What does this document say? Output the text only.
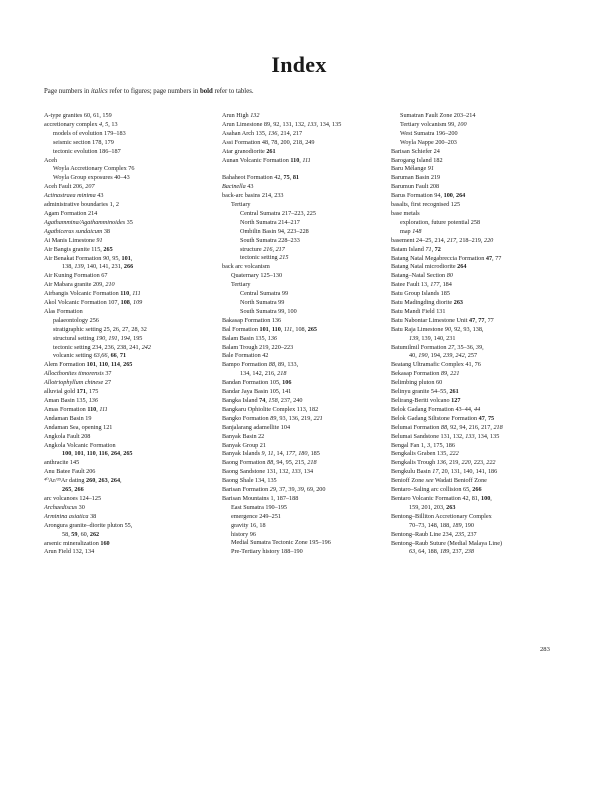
Index

Page numbers in italics refer to figures; page numbers in bold refer to tables.

A-type granites 60, 61, 159
accretionary complex 4, 5, 13
models of evolution 179–183
seismic section 178, 179
tectonic evolution 186–187
Aceh
Woyla Accretionary Complex 76
Woyla Group exposures 40–43
Aceh Fault 206, 207
Actinastraea minima 43
administrative boundaries 1, 2
Agam Formation 214
Agathammina/Agathamminoides 35
Agathiceras sundaicum 38
Ai Manis Limestone 91
Air Bangis granite 115, 265
Air Benakat Formation 90, 95, 101,
138, 139, 140, 141, 231, 266
Air Kuning Formation 67
Air Mabara granite 209, 210
Airbangis Volcanic Formation 110, 111
Akol Volcanic Formation 107, 108, 109
Alas Formation
palaeontology 256
stratigraphic setting 25, 26, 27, 28, 32
structural setting 190, 191, 194, 195
tectonic setting 234, 236, 238, 241, 242
volcanic setting 63,66, 66, 71
Alem Formation 101, 110, 114, 265
Allocthonites timorensis 37
Allotriophyllum chinese 27
alluvial gold 171, 175
Aman Basin 135, 136
Amas Formation 110, 111
Andaman Basin 19
Andaman Sea, opening 121
Angkola Fault 208
Angkola Volcanic Formation
100, 101, 110, 116, 264, 265
anthracite 145
Anu Batee Fault 206
⁴⁰Ar/³⁹Ar dating 260, 263, 264,
265, 266
arc volcanoes 124–125
Archaediscus 30
Arminina asiatica 38
Arongura granite–diorite pluton 55,
58, 59, 60, 262
arsenic mineralization 160
Arun Field 132, 134
Arun High 132
Arun Limestone 89, 92, 131, 132, 133, 134, 135
Asahan Arch 135, 136, 214, 217
Assi Formation 48, 78, 200, 218, 249
Atar granodiorite 261
Aunan Volcanic Formation 110, 111
Bahaheot Formation 42, 75, 81
Bacinella 43
back-arc basins 214, 233
Tertiary
Central Sumatra 217–223, 225
North Sumatra 214–217
Ombilin Basin 94, 223–228
South Sumatra 228–233
structure 216, 217
tectonic setting 215
back arc volcanism
Quaternary 125–130
Tertiary
Central Sumatra 99
North Sumatra 99
South Sumatra 99, 100
Bakasap Formation 136
Bal Formation 101, 110, 111, 108, 265
Balam Basin 135, 136
Balam Trough 219, 220–223
Bale Formation 42
Bampo Formation 88, 89, 133,
134, 142, 216, 218
Bandan Formation 105, 106
Bandar Jaya Basin 105, 141
Bangka Island 74, 158, 237, 240
Bangkaru Ophiolite Complex 113, 182
Bangko Formation 89, 93, 136, 219, 221
Banjalarang adamellite 104
Banyak Basin 22
Banyak Group 21
Banyak Islands 9, 11, 14, 177, 180, 185
Baong Formation 88, 94, 95, 215, 218
Baong Sandstone 131, 132, 133, 134
Baong Shale 134, 135
Barisan Formation 29, 37, 39, 39, 69, 200
Barisan Mountains 1, 187–188
East Sumatra 190–195
emergence 249–251
gravity 16, 18
history 96
Medial Sumatra Tectonic Zone 195–196
Pre-Tertiary history 188–190
Sumatran Fault Zone 203–214
Tertiary volcanism 99, 100
West Sumatra 196–200
Woyla Nappe 200–203
Barisan Schiefer 24
Barogang Island 182
Baru Mélange 91
Baruman Basin 219
Barumun Fault 208
Barus Formation 94, 100, 264
basalts, first recognised 125
base metals
exploration, future potential 258
map 148
basement 24–25, 214, 217, 218–219, 220
Batam Island 71, 72
Batang Natal Megabreccia Formation 47, 77
Batang Natal microdiorite 264
Batang–Natal Section 80
Batee Fault 13, 177, 184
Batu Group Islands 185
Batu Madingding diorite 263
Batu Mandi Field 131
Batu Nabontar Limestone Unit 47, 77, 77
Batu Raja Limestone 90, 92, 93, 138,
139, 139, 140, 231
Batumilmil Formation 27, 35–36, 39,
40, 190, 194, 239, 242, 257
Beatang Ultramafic Complex 41, 76
Bekasap Formation 89, 221
Belimbing pluton 60
Belinyu granite 54–55, 261
Belirang-Beriti volcano 127
Belok Gadang Formation 43–44, 44
Belok Gadang Siltstone Formation 47, 75
Belumai Formation 88, 92, 94, 216, 217, 218
Belumai Sandstone 131, 132, 133, 134, 135
Bengal Fan 1, 3, 175, 186
Bengkalis Graben 135, 222
Bengkalis Trough 136, 219, 220, 223, 222
Bengkulu Basin 17, 20, 131, 140, 141, 186
Benioff Zone see Wadati Benioff Zone
Bentaro–Saling arc collision 65, 266
Bentaro Volcanic Formation 42, 81, 100,
159, 201, 203, 263
Bentong–Billiton Accretionary Complex
70–73, 148, 188, 189, 190
Bentong–Raub Line 234, 235, 237
Bentong–Raub Suture (Medial Malaya Line)
63, 64, 188, 189, 237, 238

283
